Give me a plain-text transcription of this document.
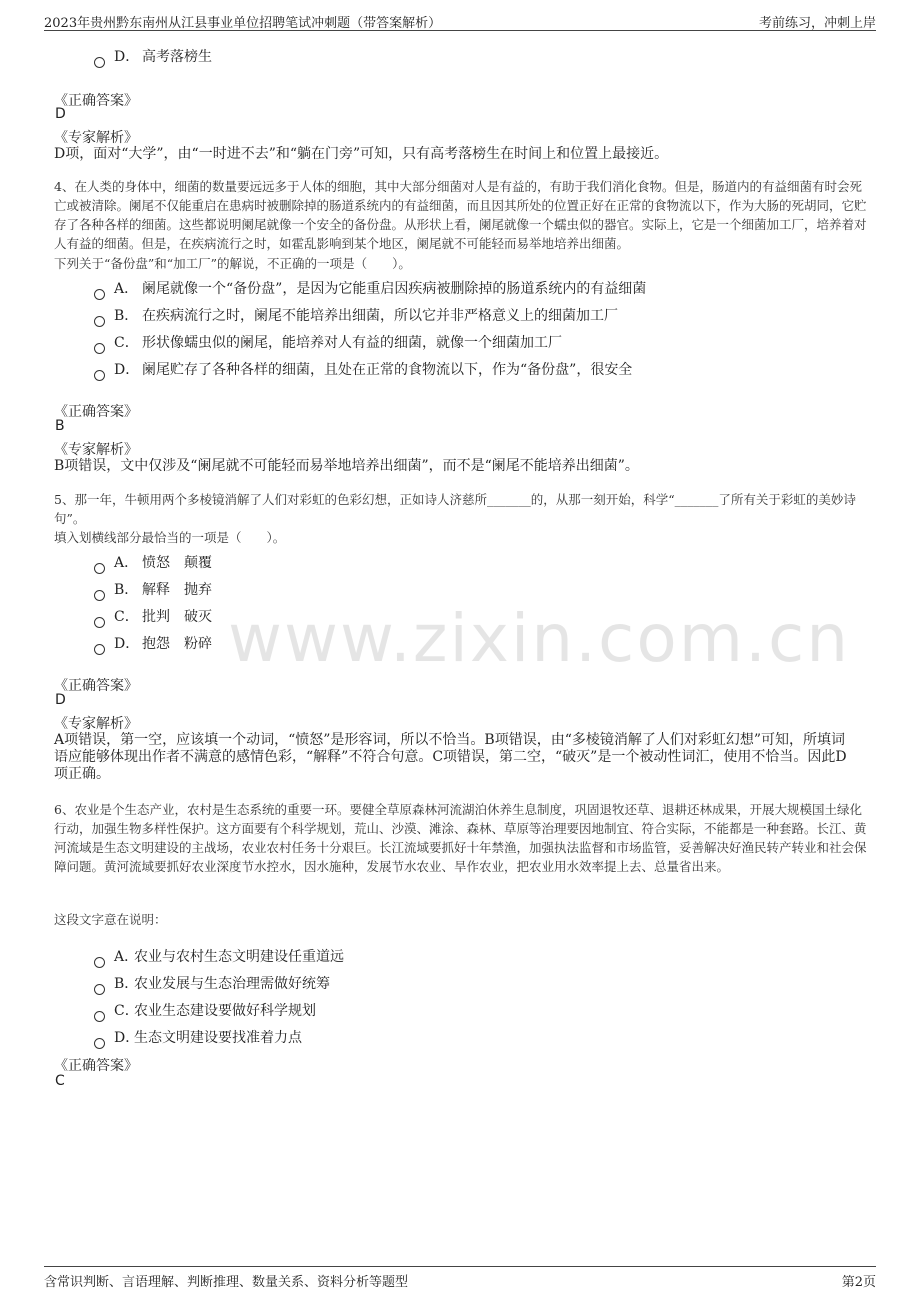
2023年贵州黔东南州从江县事业单位招聘笔试冲刺题（带答案解析）	考前练习，冲刺上岸
www.zixin.com.cn
D． 高考落榜生
《正确答案》
D
《专家解析》
D项，面对“大学”，由“一时进不去”和“躺在门旁”可知，只有高考落榜生在时间上和位置上最接近。
4、在人类的身体中，细菌的数量要远远多于人体的细胞，其中大部分细菌对人是有益的，有助于我们消化食物。但是，肠道内的有益细菌有时会死亡或被清除。阑尾不仅能重启在患病时被删除掉的肠道系统内的有益细菌，而且因其所处的位置正好在正常的食物流以下，作为大肠的死胡同，它贮存了各种各样的细菌。这些都说明阑尾就像一个安全的备份盘。从形状上看，阑尾就像一个蠕虫似的器官。实际上，它是一个细菌加工厂，培养着对人有益的细菌。但是，在疾病流行之时，如霍乱影响到某个地区，阑尾就不可能轻而易举地培养出细菌。
下列关于“备份盘”和“加工厂”的解说，不正确的一项是（　　）。
A． 阑尾就像一个“备份盘”，是因为它能重启因疾病被删除掉的肠道系统内的有益细菌
B． 在疾病流行之时，阑尾不能培养出细菌，所以它并非严格意义上的细菌加工厂
C． 形状像蠕虫似的阑尾，能培养对人有益的细菌，就像一个细菌加工厂
D． 阑尾贮存了各种各样的细菌，且处在正常的食物流以下，作为“备份盘”，很安全
《正确答案》
B
《专家解析》
B项错误，文中仅涉及“阑尾就不可能轻而易举地培养出细菌”，而不是“阑尾不能培养出细菌”。
5、那一年，牛顿用两个多棱镜消解了人们对彩虹的色彩幻想，正如诗人济慈所_______的，从那一刻开始，科学“_______了所有关于彩虹的美妙诗句”。
填入划横线部分最恰当的一项是（　　）。
A． 愤怒　颠覆
B． 解释　抛弃
C． 批判　破灭
D． 抱怨　粉碎
《正确答案》
D
《专家解析》
A项错误，第一空，应该填一个动词，“愤怒”是形容词，所以不恰当。B项错误，由“多棱镜消解了人们对彩虹幻想”可知，所填词语应能够体现出作者不满意的感情色彩，“解释”不符合句意。C项错误，第二空，“破灭”是一个被动性词汇，使用不恰当。因此D项正确。
6、农业是个生态产业，农村是生态系统的重要一环。要健全草原森林河流湖泊休养生息制度，巩固退牧还草、退耕还林成果，开展大规模国土绿化行动，加强生物多样性保护。这方面要有个科学规划，荒山、沙漠、滩涂、森林、草原等治理要因地制宜、符合实际，不能都是一种套路。长江、黄河流域是生态文明建设的主战场，农业农村任务十分艰巨。长江流域要抓好十年禁渔，加强执法监督和市场监管，妥善解决好渔民转产转业和社会保障问题。黄河流域要抓好农业深度节水控水，因水施种，发展节水农业、旱作农业，把农业用水效率提上去、总量省出来。
这段文字意在说明：
A．农业与农村生态文明建设任重道远
B．农业发展与生态治理需做好统筹
C．农业生态建设要做好科学规划
D．生态文明建设要找准着力点
《正确答案》
C
含常识判断、言语理解、判断推理、数量关系、资料分析等题型	第2页
